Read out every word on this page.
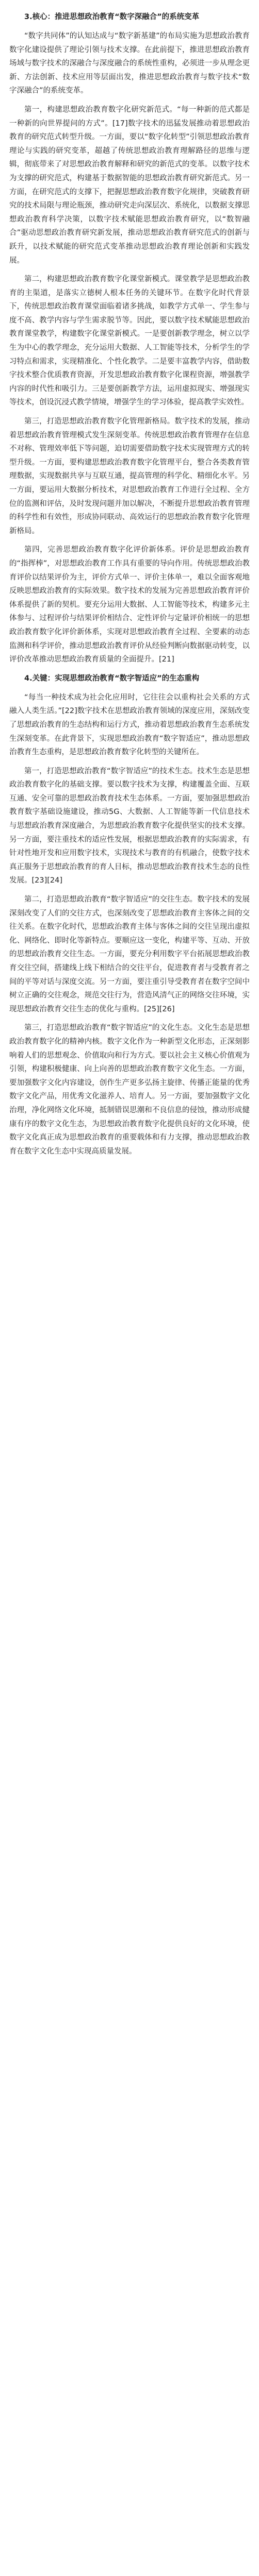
3.核心：推进思想政治教育“数字深融合”的系统变革

“数字共同体”的认知达成与“数字新基建”的布局实施为思想政治教育数字化建设提供了理论引领与技术支撑。在此前提下，推进思想政治教育场域与数字技术的深融合与深度融合的系统性重构，必须进一步从理念更新、方法创新、技术应用等层面出发，推进思想政治教育与数字技术“数字深融合”的系统变革。

第一，构建思想政治教育数字化研究新范式。“每一种新的范式都是一种新的向世界提问的方式”。[17]数字技术的迅猛发展推动着思想政治教育的研究范式转型升级。一方面，要以“数字化转型”引领思想政治教育理论与实践的研究变革，超越了传统思想政治教育理解路径的思维与逻辑，彻底带来了对思想政治教育解释和研究的新范式的变革。以数字技术为支撑的研究范式，构建基于数据智能的思想政治教育研究新范式。另一方面，在研究范式的支撑下，把握思想政治教育数字化规律，突破教育研究的技术局限与理论瓶颈，推动研究走向深层次、系统化，以数据支撑思想政治教育科学决策，以数字技术赋能思想政治教育研究，以“数智融合”驱动思想政治教育研究新发展，推动思想政治教育研究范式的创新与跃升，以技术赋能的研究范式变革推动思想政治教育理论创新和实践发展。

第二，构建思想政治教育数字化课堂新模式。课堂教学是思想政治教育的主渠道，是落实立德树人根本任务的关键环节。在数字化时代背景下，传统思想政治教育课堂面临着诸多挑战，如教学方式单一、学生参与度不高、教学内容与学生需求脱节等。因此，要以数字技术赋能思想政治教育课堂教学，构建数字化课堂新模式。一是要创新教学理念，树立以学生为中心的教学理念，充分运用大数据、人工智能等技术，分析学生的学习特点和需求，实现精准化、个性化教学。二是要丰富教学内容，借助数字技术整合优质教育资源，开发思想政治教育数字化课程资源，增强教学内容的时代性和吸引力。三是要创新教学方法，运用虚拟现实、增强现实等技术，创设沉浸式教学情境，增强学生的学习体验，提高教学实效性。

第三，打造思想政治教育数字化管理新格局。数字技术的发展，推动着思想政治教育管理模式发生深刻变革。传统思想政治教育管理存在信息不对称、管理效率低下等问题，迫切需要借助数字技术实现管理方式的转型升级。一方面，要构建思想政治教育数字化管理平台，整合各类教育管理数据，实现数据共享与互联互通，提高管理的科学化、精细化水平。另一方面，要运用大数据分析技术，对思想政治教育工作进行全过程、全方位的监测和评估，及时发现问题并加以解决，不断提升思想政治教育管理的科学性和有效性，形成协同联动、高效运行的思想政治教育数字化管理新格局。

第四，完善思想政治教育数字化评价新体系。评价是思想政治教育的“指挥棒”，对思想政治教育工作具有重要的导向作用。传统思想政治教育评价以结果评价为主，评价方式单一、评价主体单一，难以全面客观地反映思想政治教育的实际效果。数字技术的发展为完善思想政治教育评价体系提供了新的契机。要充分运用大数据、人工智能等技术，构建多元主体参与、过程评价与结果评价相结合、定性评价与定量评价相统一的思想政治教育数字化评价新体系，实现对思想政治教育全过程、全要素的动态监测和科学评价，推动思想政治教育评价从经验判断向数据驱动转变，以评价改革推动思想政治教育质量的全面提升。[21]

4.关键：实现思想政治教育“数字智适应”的生态重构

“每当一种技术成为社会化应用时，它往往会以重构社会关系的方式融入人类生活。”[22]数字技术在思想政治教育领域的深度应用，深刻改变了思想政治教育的生态结构和运行方式，推动着思想政治教育生态系统发生深刻变革。在此背景下，实现思想政治教育“数字智适应”，推动思想政治教育生态重构，是思想政治教育数字化转型的关键所在。

第一，打造思想政治教育“数字智适应”的技术生态。技术生态是思想政治教育数字化的基础支撑。要以数字技术为支撑，构建覆盖全面、互联互通、安全可靠的思想政治教育技术生态体系。一方面，要加强思想政治教育数字基础设施建设，推动5G、大数据、人工智能等新一代信息技术与思想政治教育深度融合，为思想政治教育数字化提供坚实的技术支撑。另一方面，要注重技术的适应性发展，根据思想政治教育的实际需求，有针对性地开发和应用数字技术，实现技术与教育的有机融合，使数字技术真正服务于思想政治教育的育人目标，推动思想政治教育技术生态的良性发展。[23][24]

第二，打造思想政治教育“数字智适应”的交往生态。数字技术的发展深刻改变了人们的交往方式，也深刻改变了思想政治教育主客体之间的交往关系。在数字化时代，思想政治教育主体与客体之间的交往呈现出虚拟化、网络化、即时化等新特点。要顺应这一变化，构建平等、互动、开放的思想政治教育交往生态。一方面，要充分利用数字平台拓展思想政治教育交往空间，搭建线上线下相结合的交往平台，促进教育者与受教育者之间的平等对话与深度交流。另一方面，要注重引导受教育者在数字空间中树立正确的交往观念，规范交往行为，营造风清气正的网络交往环境，实现思想政治教育交往生态的优化与重构。[25][26]

第三，打造思想政治教育“数字智适应”的文化生态。文化生态是思想政治教育数字化的精神内核。数字文化作为一种新型文化形态，正深刻影响着人们的思想观念、价值取向和行为方式。要以社会主义核心价值观为引领，构建积极健康、向上向善的思想政治教育数字文化生态。一方面，要加强数字文化内容建设，创作生产更多弘扬主旋律、传播正能量的优秀数字文化产品，用优秀文化滋养人、培育人。另一方面，要加强数字文化治理，净化网络文化环境，抵制错误思潮和不良信息的侵蚀，推动形成健康有序的数字文化生态，为思想政治教育数字化提供良好的文化环境，使数字文化真正成为思想政治教育的重要载体和有力支撑，推动思想政治教育在数字文化生态中实现高质量发展。
